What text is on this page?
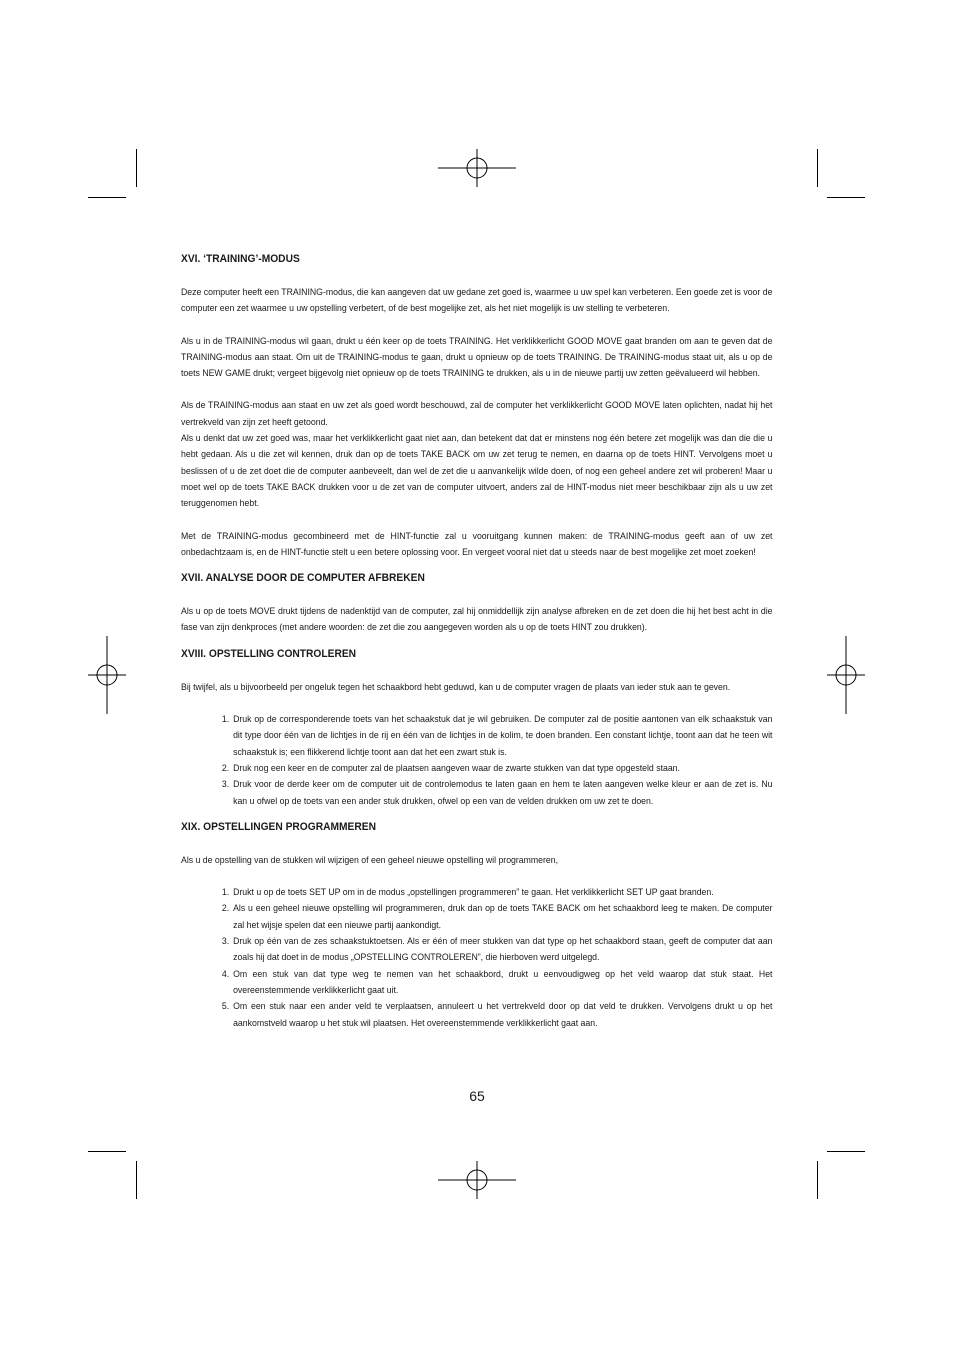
XVI. ‘TRAINING’-MODUS

Deze computer heeft een TRAINING-modus, die kan aangeven dat uw gedane zet goed is, waarmee u uw spel kan verbeteren. Een goede zet is voor de computer een zet waarmee u uw opstelling verbetert, of de best mogelijke zet, als het niet mogelijk is uw stelling te verbeteren.

Als u in de TRAINING-modus wil gaan, drukt u één keer op de toets TRAINING. Het verklikkerlicht GOOD MOVE gaat branden om aan te geven dat de TRAINING-modus aan staat. Om uit de TRAINING-modus te gaan, drukt u opnieuw op de toets TRAINING. De TRAINING-modus staat uit, als u op de toets NEW GAME drukt; vergeet bijgevolg niet opnieuw op de toets TRAINING te drukken, als u in de nieuwe partij uw zetten geëvalueerd wil hebben.

Als de TRAINING-modus aan staat en uw zet als goed wordt beschouwd, zal de computer het verklikkerlicht GOOD MOVE laten oplichten, nadat hij het vertrekveld van zijn zet heeft getoond.

Als u denkt dat uw zet goed was, maar het verklikkerlicht gaat niet aan, dan betekent dat dat er minstens nog één betere zet mogelijk was dan die die u hebt gedaan. Als u die zet wil kennen, druk dan op de toets TAKE BACK om uw zet terug te nemen, en daarna op de toets HINT. Vervolgens moet u beslissen of u de zet doet die de computer aanbeveelt, dan wel de zet die u aanvankelijk wilde doen, of nog een geheel andere zet wil proberen! Maar u moet wel op de toets TAKE BACK drukken voor u de zet van de computer uitvoert, anders zal de HINT-modus niet meer beschikbaar zijn als u uw zet teruggenomen hebt.

Met de TRAINING-modus gecombineerd met de HINT-functie zal u vooruitgang kunnen maken: de TRAINING-modus geeft aan of uw zet onbedachtzaam is, en de HINT-functie stelt u een betere oplossing voor. En vergeet vooral niet dat u steeds naar de best mogelijke zet moet zoeken!

XVII. ANALYSE DOOR DE COMPUTER AFBREKEN

Als u op de toets MOVE drukt tijdens de nadenktijd van de computer, zal hij onmiddellijk zijn analyse afbreken en de zet doen die hij het best acht in die fase van zijn denkproces (met andere woorden: de zet die zou aangegeven worden als u op de toets HINT zou drukken).

XVIII. OPSTELLING CONTROLEREN

Bij twijfel, als u bijvoorbeeld per ongeluk tegen het schaakbord hebt geduwd, kan u de computer vragen de plaats van ieder stuk aan te geven.

1. Druk op de corresponderende toets van het schaakstuk dat je wil gebruiken. De computer zal de positie aantonen van elk schaakstuk van dit type door één van de lichtjes in de rij en één van de lichtjes in de kolim, te doen branden. Een constant lichtje, toont aan dat he teen wit schaakstuk is; een flikkerend lichtje toont aan dat het een zwart stuk is.
2. Druk nog een keer en de computer zal de plaatsen aangeven waar de zwarte stukken van dat type opgesteld staan.
3. Druk voor de derde keer om de computer uit de controlemodus te laten gaan en hem te laten aangeven welke kleur er aan de zet is. Nu kan u ofwel op de toets van een ander stuk drukken, ofwel op een van de velden drukken om uw zet te doen.
XIX. OPSTELLINGEN PROGRAMMEREN

Als u de opstelling van de stukken wil wijzigen of een geheel nieuwe opstelling wil programmeren,

1. Drukt u op de toets SET UP om in de modus „opstellingen programmeren” te gaan. Het verklikkerlicht SET UP gaat branden.
2. Als u een geheel nieuwe opstelling wil programmeren, druk dan op de toets TAKE BACK om het schaakbord leeg te maken. De computer zal het wijsje spelen dat een nieuwe partij aankondigt.
3. Druk op één van de zes schaakstuktoetsen. Als er één of meer stukken van dat type op het schaakbord staan, geeft de computer dat aan zoals hij dat doet in de modus „OPSTELLING CONTROLEREN”, die hierboven werd uitgelegd.
4. Om een stuk van dat type weg te nemen van het schaakbord, drukt u eenvoudigweg op het veld waarop dat stuk staat. Het overeenstemmende verklikkerlicht gaat uit.
5. Om een stuk naar een ander veld te verplaatsen, annuleert u het vertrekveld door op dat veld te drukken. Vervolgens drukt u op het aankomstveld waarop u het stuk wil plaatsen. Het overeenstemmende verklikkerlicht gaat aan.
65
